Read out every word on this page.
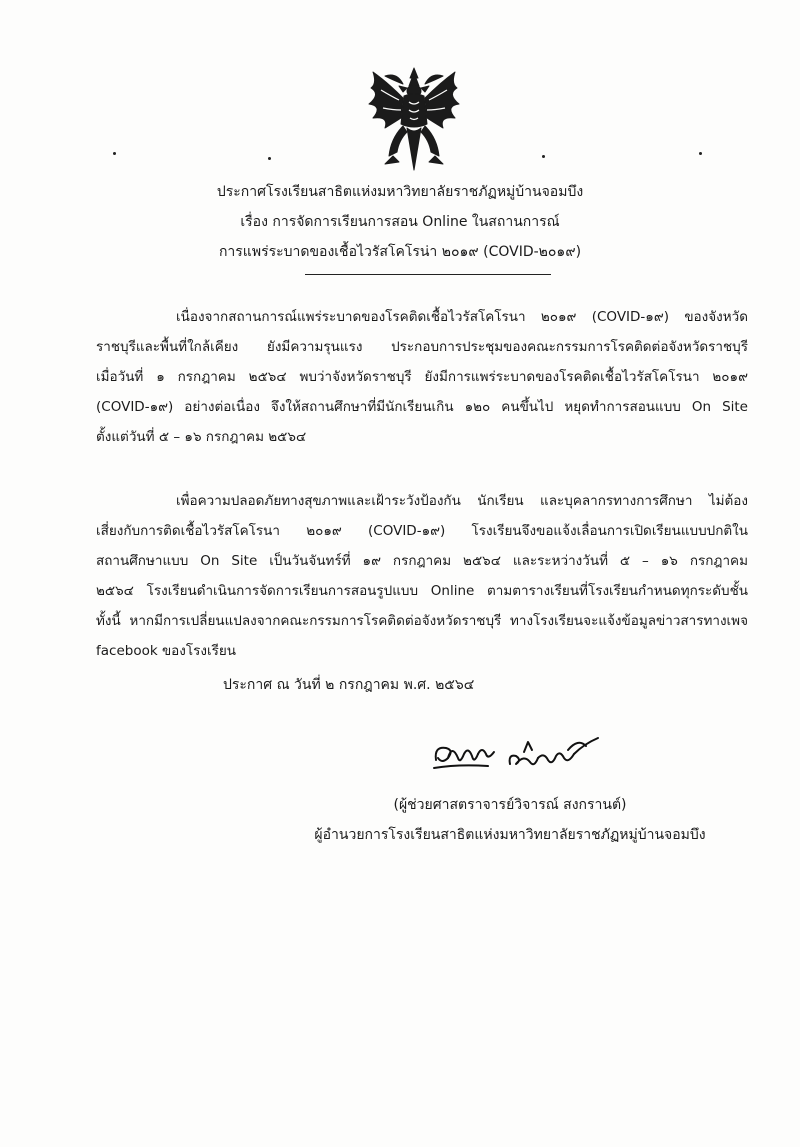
ประกาศโรงเรียนสาธิตแห่งมหาวิทยาลัยราชภัฏหมู่บ้านจอมบึง
เรื่อง การจัดการเรียนการสอน Online ในสถานการณ์
การแพร่ระบาดของเชื้อไวรัสโคโรน่า ๒๐๑๙ (COVID-๒๐๑๙)
เนื่องจากสถานการณ์แพร่ระบาดของโรคติดเชื้อไวรัสโคโรนา ๒๐๑๙ (COVID-๑๙) ของจังหวัด
ราชบุรีและพื้นที่ใกล้เคียง ยังมีความรุนแรง ประกอบการประชุมของคณะกรรมการโรคติดต่อจังหวัดราชบุรี
เมื่อวันที่ ๑ กรกฎาคม ๒๕๖๔ พบว่าจังหวัดราชบุรี ยังมีการแพร่ระบาดของโรคติดเชื้อไวรัสโคโรนา ๒๐๑๙
(COVID-๑๙) อย่างต่อเนื่อง จึงให้สถานศึกษาที่มีนักเรียนเกิน ๑๒๐ คนขึ้นไป หยุดทำการสอนแบบ On Site
ตั้งแต่วันที่ ๕ – ๑๖ กรกฎาคม ๒๕๖๔
เพื่อความปลอดภัยทางสุขภาพและเฝ้าระวังป้องกัน นักเรียน และบุคลากรทางการศึกษา ไม่ต้อง
เสี่ยงกับการติดเชื้อไวรัสโคโรนา ๒๐๑๙ (COVID-๑๙) โรงเรียนจึงขอแจ้งเลื่อนการเปิดเรียนแบบปกติใน
สถานศึกษาแบบ On Site เป็นวันจันทร์ที่ ๑๙ กรกฎาคม ๒๕๖๔ และระหว่างวันที่ ๕ – ๑๖ กรกฎาคม
๒๕๖๔ โรงเรียนดำเนินการจัดการเรียนการสอนรูปแบบ Online ตามตารางเรียนที่โรงเรียนกำหนดทุกระดับชั้น
ทั้งนี้ หากมีการเปลี่ยนแปลงจากคณะกรรมการโรคติดต่อจังหวัดราชบุรี ทางโรงเรียนจะแจ้งข้อมูลข่าวสารทางเพจ
facebook ของโรงเรียน
ประกาศ ณ วันที่ ๒ กรกฎาคม พ.ศ. ๒๕๖๔
(ผู้ช่วยศาสตราจารย์วิจารณ์ สงกรานต์)
ผู้อำนวยการโรงเรียนสาธิตแห่งมหาวิทยาลัยราชภัฏหมู่บ้านจอมบึง
